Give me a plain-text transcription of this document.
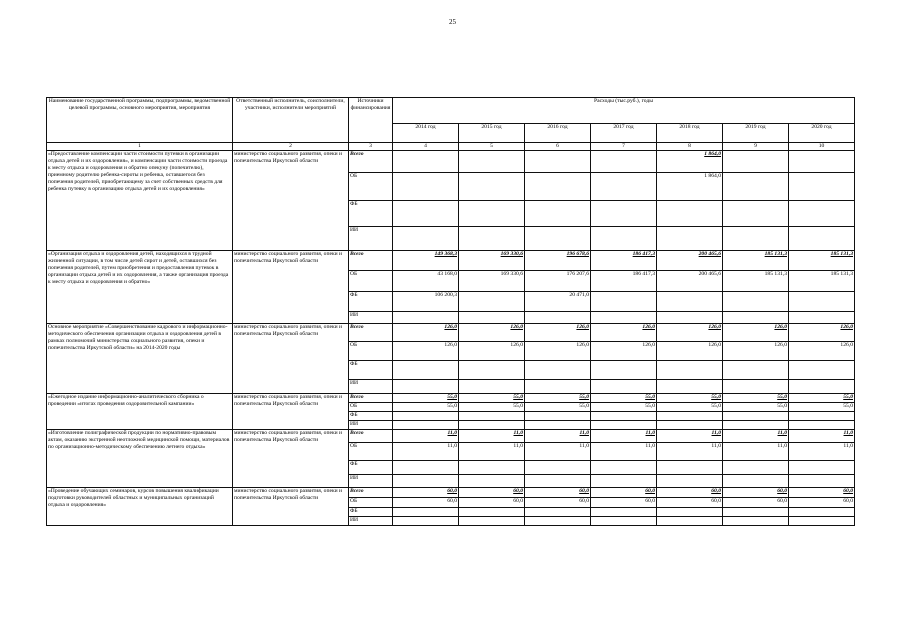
25
Наименование государственной программы, подпрограммы, ведомственной целевой программы, основного мероприятия, мероприятия	Ответственный исполнитель, соисполнители, участники, исполнители мероприятий	Источники финансирования	Расходы (тыс.руб.), годы						
			2014 год	2015 год	2016 год	2017 год	2018 год	2019 год	2020 год
1	2	3	4	5	6	7	8	9	10
«Предоставление компенсации части стоимости путевки в организации отдыха детей и их оздоровления», и компенсации части стоимости проезда к месту отдыха и оздоровления и обратно опекуну (попечителю), приемному родителю ребенка-сироты и ребенка, оставшегося без попечения родителей, приобретающему за счет собственных средств для ребенка путевку в организацию отдыха детей и их оздоровления»	министерство социального развития, опеки и попечительства Иркутской области	Всего					1 864,0		
		ОБ					1 864,0		
		ФБ							
		ИИ							
«Организация отдыха и оздоровления детей, находящихся в трудной жизненной ситуации, в том числе детей сирот и детей, оставшихся без попечения родителей, путем приобретения и предоставления путевок в организации отдыха детей и их оздоровления, а также организация проезда к месту отдыха и оздоровления и обратно»	министерство социального развития, опеки и попечительства Иркутской области	Всего	149 368,3	169 330,6	196 678,6	186 417,3	200 465,6	185 131,3	185 131,3
		ОБ	43 168,0	169 330,6	176 207,6	186 417,3	200 465,6	185 131,3	185 131,3
		ФБ	106 200,3		20 471,0				
		ИИ							
Основное мероприятие «Совершенствование кадрового и информационно-методического обеспечения организации отдыха и оздоровления детей в рамках полномочий министерства социального развития, опеки и попечительства Иркутской области» на 2014-2020 годы	министерство социального развития, опеки и попечительства Иркутской области	Всего	126,0	126,0	126,0	126,0	126,0	126,0	126,0
		ОБ	126,0	126,0	126,0	126,0	126,0	126,0	126,0
		ФБ							
		ИИ							
«Ежегодное издание информационно-аналитического сборника о проведении «итогах проведения оздоровительной кампании»	министерство социального развития, опеки и попечительства Иркутской области	Всего	55,0	55,0	55,0	55,0	55,0	55,0	55,0
		ОБ	55,0	55,0	55,0	55,0	55,0	55,0	55,0
		ФБ							
		ИИ							
«Изготовление полиграфической продукции по нормативно-правовым актам, оказанию экстренной неотложной медицинской помощи, материалов по организационно-методическому обеспечению летнего отдыха»	министерство социального развития, опеки и попечительства Иркутской области	Всего	11,0	11,0	11,0	11,0	11,0	11,0	11,0
		ОБ	11,0	11,0	11,0	11,0	11,0	11,0	11,0
		ФБ							
		ИИ							
«Проведение обучающих семинаров, курсов повышения квалификации подготовки руководителей областных и муниципальных организаций отдыха и оздоровления»	министерство социального развития, опеки и попечительства Иркутской области	Всего	60,0	60,0	60,0	60,0	60,0	60,0	60,0
		ОБ	60,0	60,0	60,0	60,0	60,0	60,0	60,0
		ФБ							
		ИИ							
